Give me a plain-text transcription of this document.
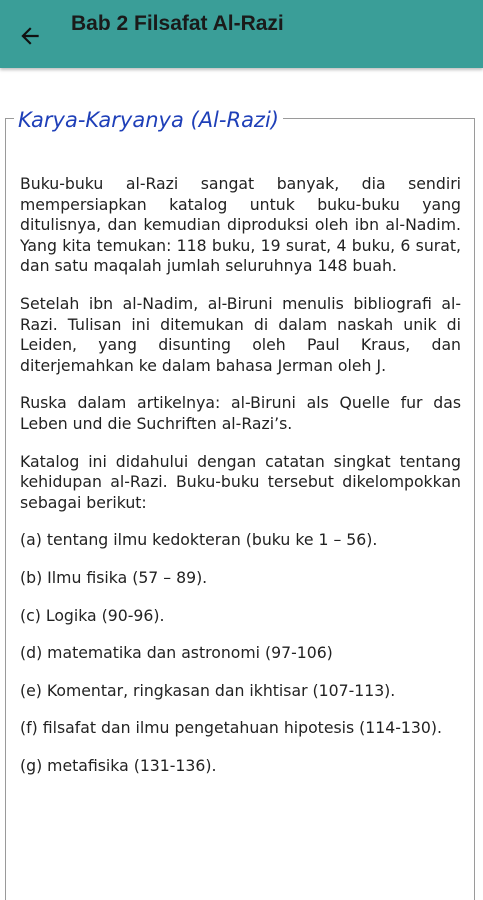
Bab 2 Filsafat Al-Razi
Karya-Karyanya (Al-Razi)

Buku-buku al-Razi sangat banyak, dia sendiri mempersiapkan katalog untuk buku-buku yang ditulisnya, dan kemudian diproduksi oleh ibn al-Nadim. Yang kita temukan: 118 buku, 19 surat, 4 buku, 6 surat, dan satu maqalah jumlah seluruhnya 148 buah.

Setelah ibn al-Nadim, al-Biruni menulis bibliografi al-Razi. Tulisan ini ditemukan di dalam naskah unik di Leiden, yang disunting oleh Paul Kraus, dan diterjemahkan ke dalam bahasa Jerman oleh J.

Ruska dalam artikelnya: al-Biruni als Quelle fur das Leben und die Suchriften al-Razi’s.

Katalog ini didahului dengan catatan singkat tentang kehidupan al-Razi. Buku-buku tersebut dikelompokkan sebagai berikut:

(a) tentang ilmu kedokteran (buku ke 1 – 56).

(b) Ilmu fisika (57 – 89).

(c) Logika (90-96).

(d) matematika dan astronomi (97-106)

(e) Komentar, ringkasan dan ikhtisar (107-113).

(f) filsafat dan ilmu pengetahuan hipotesis (114-130).

(g) metafisika (131-136).
